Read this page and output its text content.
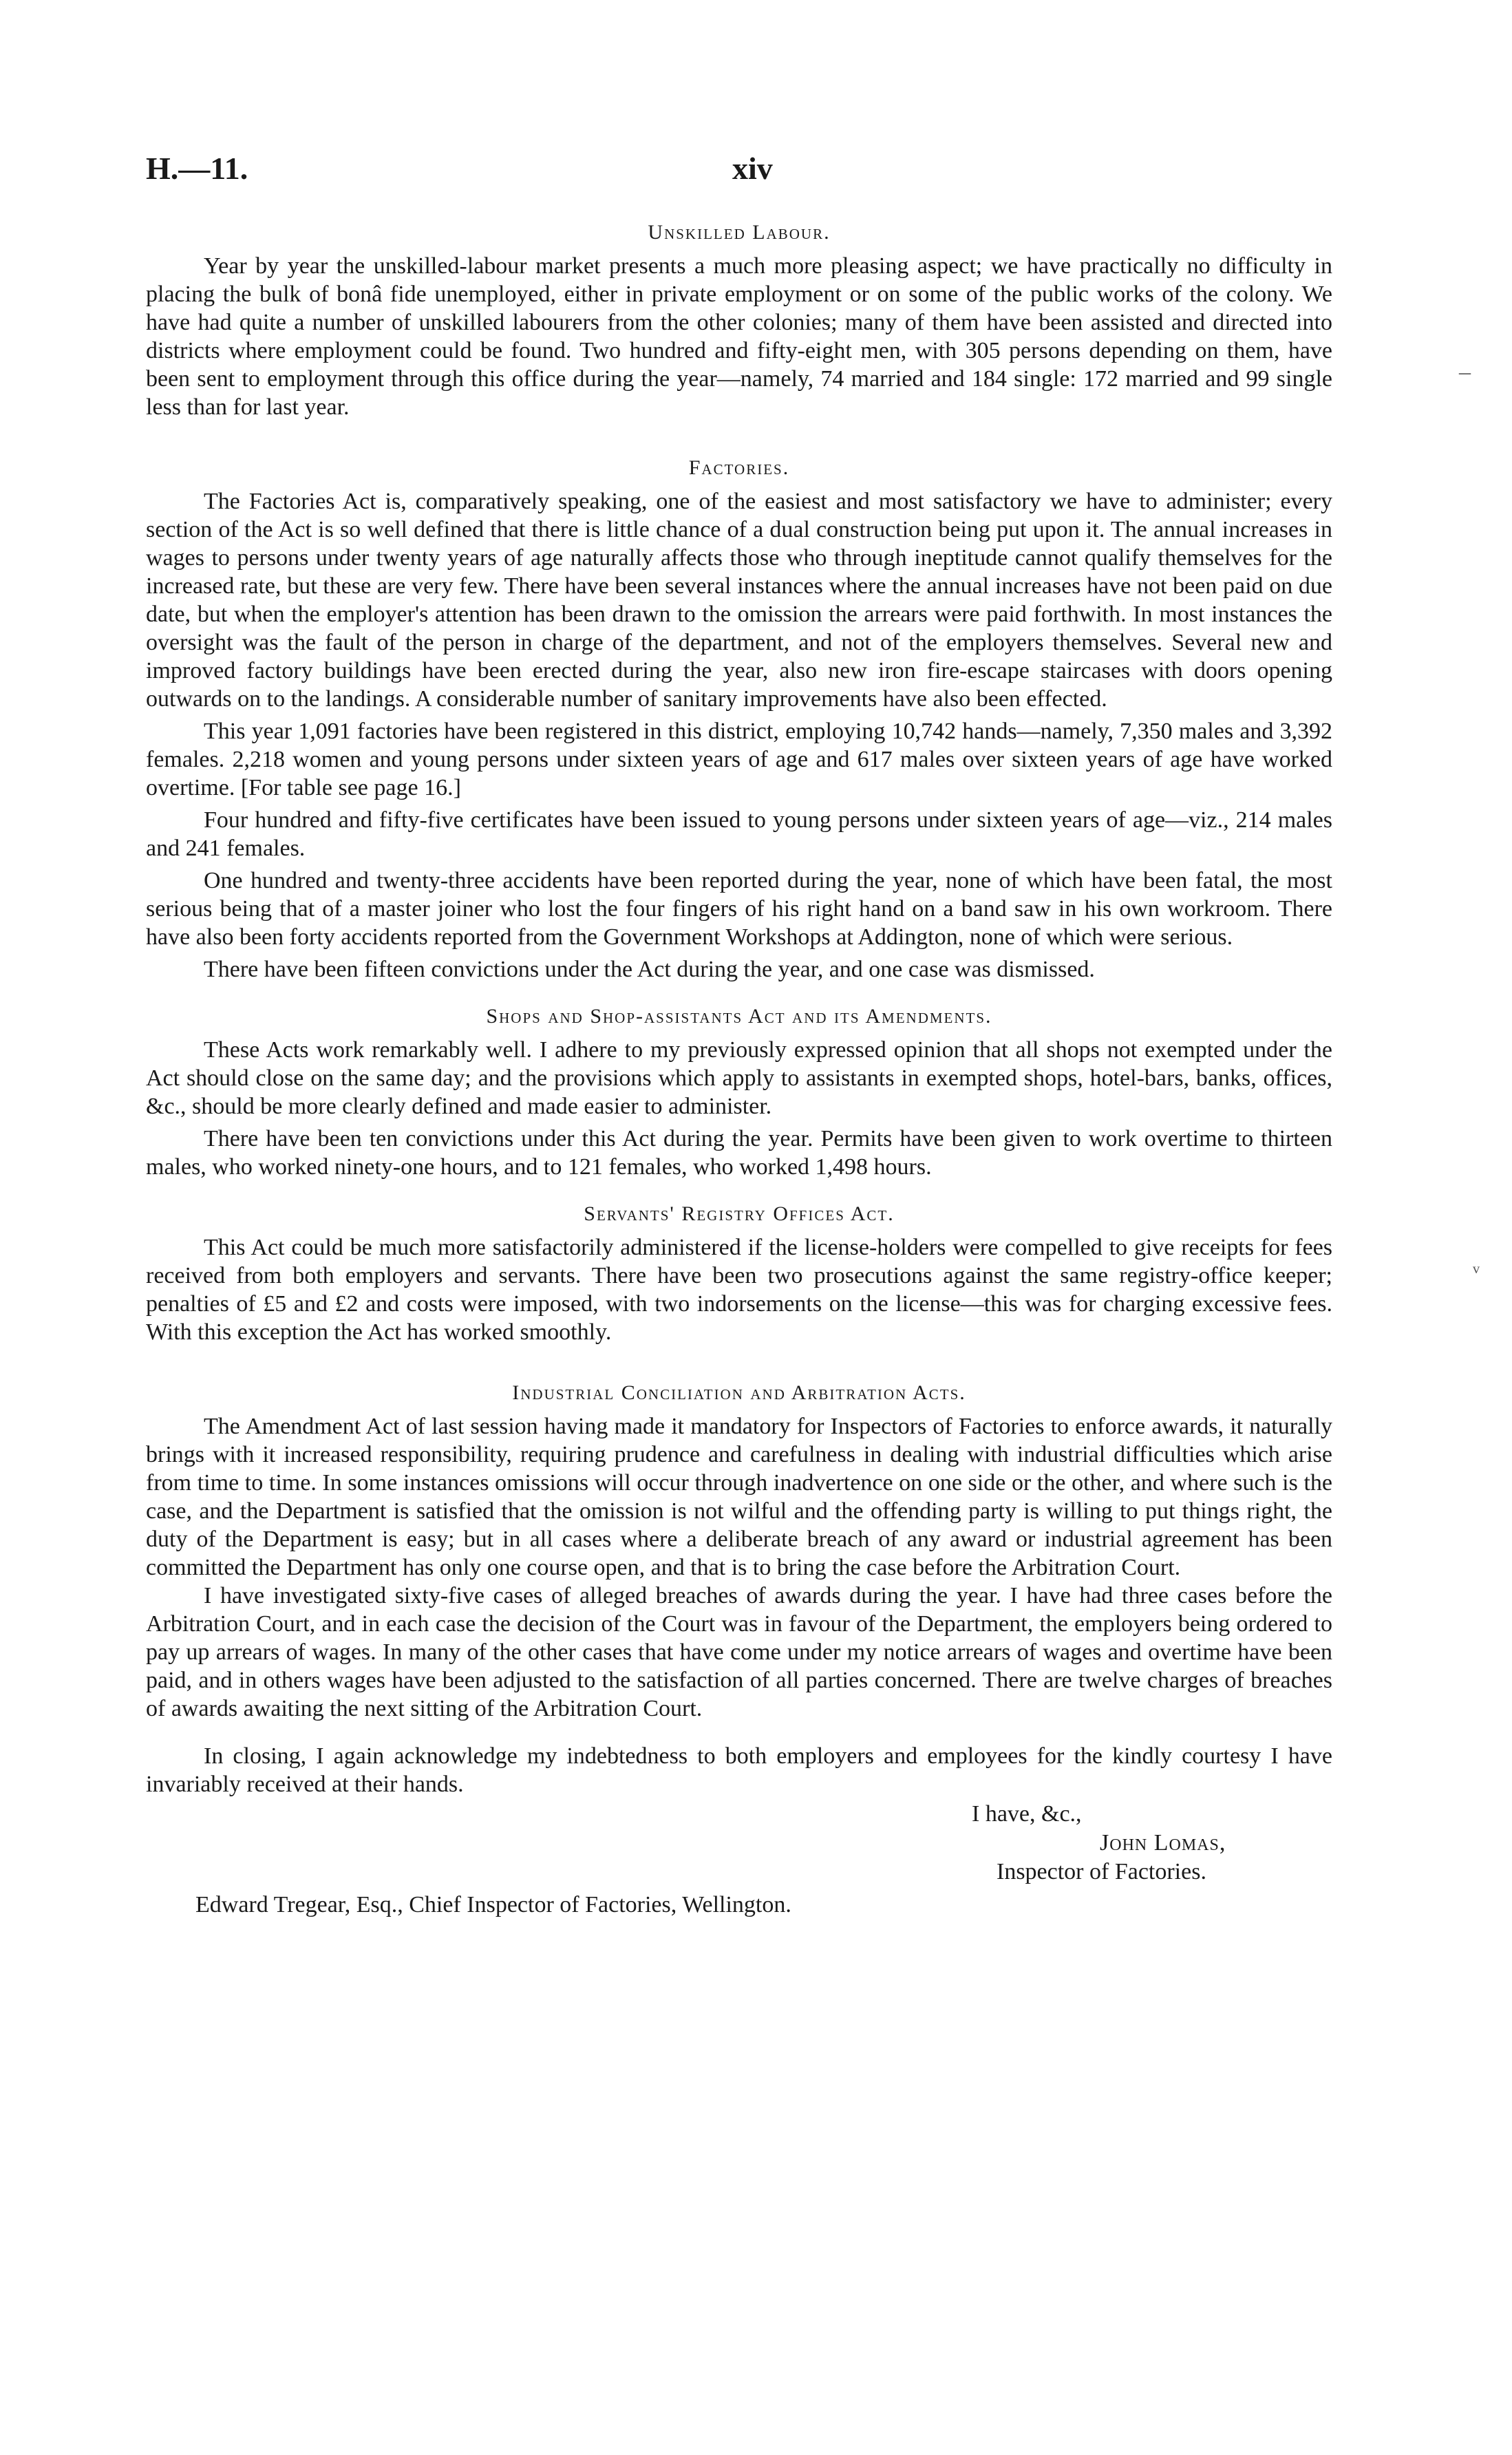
H.—11.	xiv
Unskilled Labour.

Year by year the unskilled-labour market presents a much more pleasing aspect; we have practically no difficulty in placing the bulk of bonâ fide unemployed, either in private employment or on some of the public works of the colony. We have had quite a number of unskilled labourers from the other colonies; many of them have been assisted and directed into districts where employment could be found. Two hundred and fifty-eight men, with 305 persons depending on them, have been sent to employment through this office during the year—namely, 74 married and 184 single: 172 married and 99 single less than for last year.

Factories.

The Factories Act is, comparatively speaking, one of the easiest and most satisfactory we have to administer; every section of the Act is so well defined that there is little chance of a dual construction being put upon it. The annual increases in wages to persons under twenty years of age naturally affects those who through ineptitude cannot qualify themselves for the increased rate, but these are very few. There have been several instances where the annual increases have not been paid on due date, but when the employer's attention has been drawn to the omission the arrears were paid forthwith. In most instances the oversight was the fault of the person in charge of the department, and not of the employers themselves. Several new and improved factory buildings have been erected during the year, also new iron fire-escape staircases with doors opening outwards on to the landings. A considerable number of sanitary improvements have also been effected.

This year 1,091 factories have been registered in this district, employing 10,742 hands—namely, 7,350 males and 3,392 females. 2,218 women and young persons under sixteen years of age and 617 males over sixteen years of age have worked overtime. [For table see page 16.]

Four hundred and fifty-five certificates have been issued to young persons under sixteen years of age—viz., 214 males and 241 females.

One hundred and twenty-three accidents have been reported during the year, none of which have been fatal, the most serious being that of a master joiner who lost the four fingers of his right hand on a band saw in his own workroom. There have also been forty accidents reported from the Government Workshops at Addington, none of which were serious.

There have been fifteen convictions under the Act during the year, and one case was dismissed.

Shops and Shop-assistants Act and its Amendments.

These Acts work remarkably well. I adhere to my previously expressed opinion that all shops not exempted under the Act should close on the same day; and the provisions which apply to assistants in exempted shops, hotel-bars, banks, offices, &c., should be more clearly defined and made easier to administer.

There have been ten convictions under this Act during the year. Permits have been given to work overtime to thirteen males, who worked ninety-one hours, and to 121 females, who worked 1,498 hours.

Servants' Registry Offices Act.

This Act could be much more satisfactorily administered if the license-holders were compelled to give receipts for fees received from both employers and servants. There have been two prosecutions against the same registry-office keeper; penalties of £5 and £2 and costs were imposed, with two indorsements on the license—this was for charging excessive fees. With this exception the Act has worked smoothly.

Industrial Conciliation and Arbitration Acts.

The Amendment Act of last session having made it mandatory for Inspectors of Factories to enforce awards, it naturally brings with it increased responsibility, requiring prudence and carefulness in dealing with industrial difficulties which arise from time to time. In some instances omissions will occur through inadvertence on one side or the other, and where such is the case, and the Department is satisfied that the omission is not wilful and the offending party is willing to put things right, the duty of the Department is easy; but in all cases where a deliberate breach of any award or industrial agreement has been committed the Department has only one course open, and that is to bring the case before the Arbitration Court.

I have investigated sixty-five cases of alleged breaches of awards during the year. I have had three cases before the Arbitration Court, and in each case the decision of the Court was in favour of the Department, the employers being ordered to pay up arrears of wages. In many of the other cases that have come under my notice arrears of wages and overtime have been paid, and in others wages have been adjusted to the satisfaction of all parties concerned. There are twelve charges of breaches of awards awaiting the next sitting of the Arbitration Court.

In closing, I again acknowledge my indebtedness to both employers and employees for the kindly courtesy I have invariably received at their hands.

I have, &c.,
John Lomas,
Inspector of Factories.
Edward Tregear, Esq., Chief Inspector of Factories, Wellington.
–
ᵥ
